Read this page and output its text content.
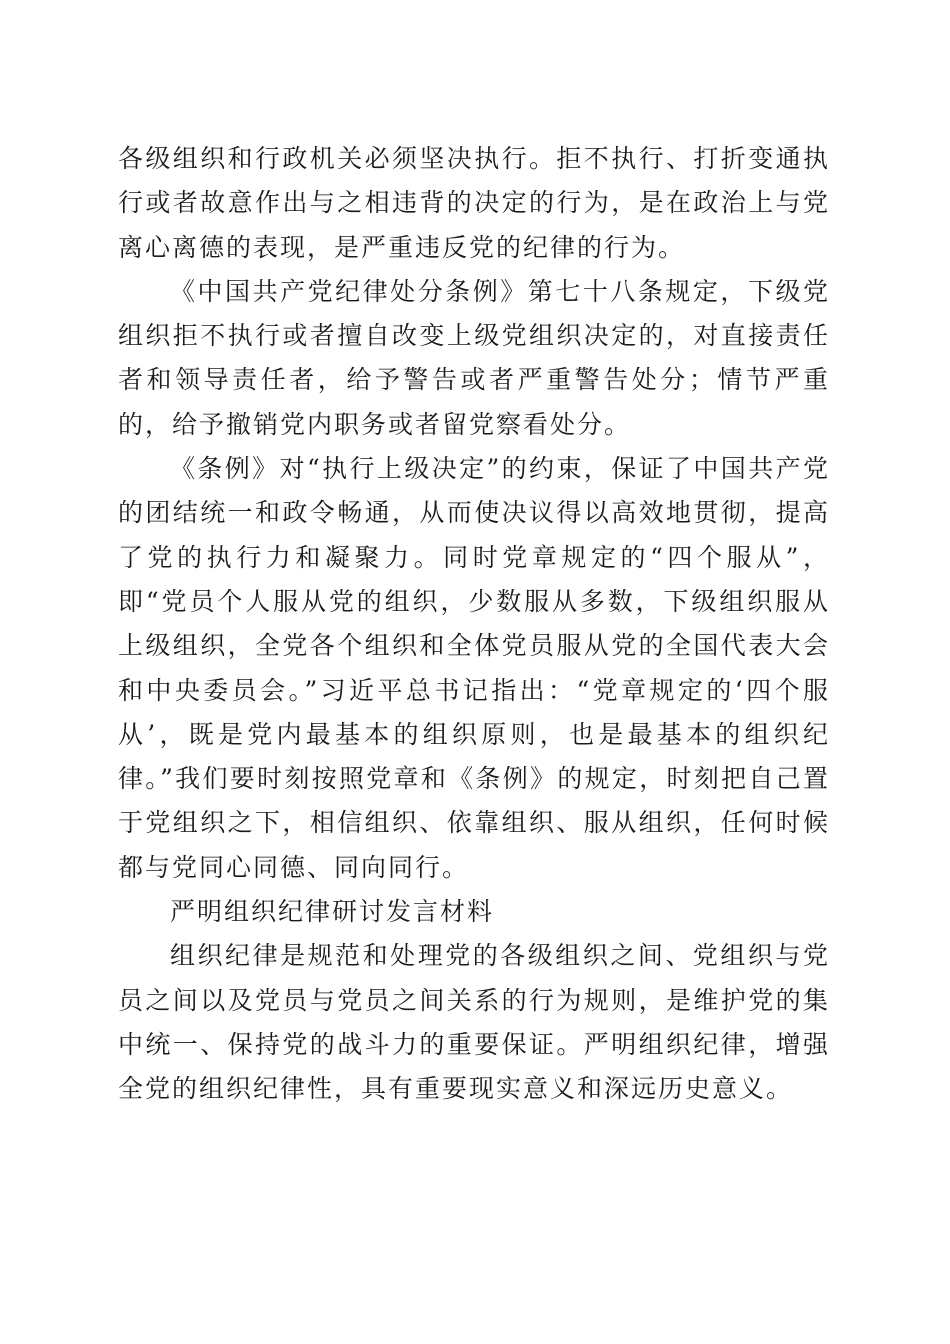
各级组织和行政机关必须坚决执行。拒不执行、打折变通执行或者故意作出与之相违背的决定的行为，是在政治上与党离心离德的表现，是严重违反党的纪律的行为。

《中国共产党纪律处分条例》第七十八条规定，下级党组织拒不执行或者擅自改变上级党组织决定的，对直接责任者和领导责任者，给予警告或者严重警告处分；情节严重的，给予撤销党内职务或者留党察看处分。

《条例》对“执行上级决定”的约束，保证了中国共产党的团结统一和政令畅通，从而使决议得以高效地贯彻，提高了党的执行力和凝聚力。同时党章规定的“四个服从”，即“党员个人服从党的组织，少数服从多数，下级组织服从上级组织，全党各个组织和全体党员服从党的全国代表大会和中央委员会。”习近平总书记指出：“党章规定的‘四个服从’，既是党内最基本的组织原则，也是最基本的组织纪律。”我们要时刻按照党章和《条例》的规定，时刻把自己置于党组织之下，相信组织、依靠组织、服从组织，任何时候都与党同心同德、同向同行。

严明组织纪律研讨发言材料

组织纪律是规范和处理党的各级组织之间、党组织与党员之间以及党员与党员之间关系的行为规则，是维护党的集中统一、保持党的战斗力的重要保证。严明组织纪律，增强全党的组织纪律性，具有重要现实意义和深远历史意义。
